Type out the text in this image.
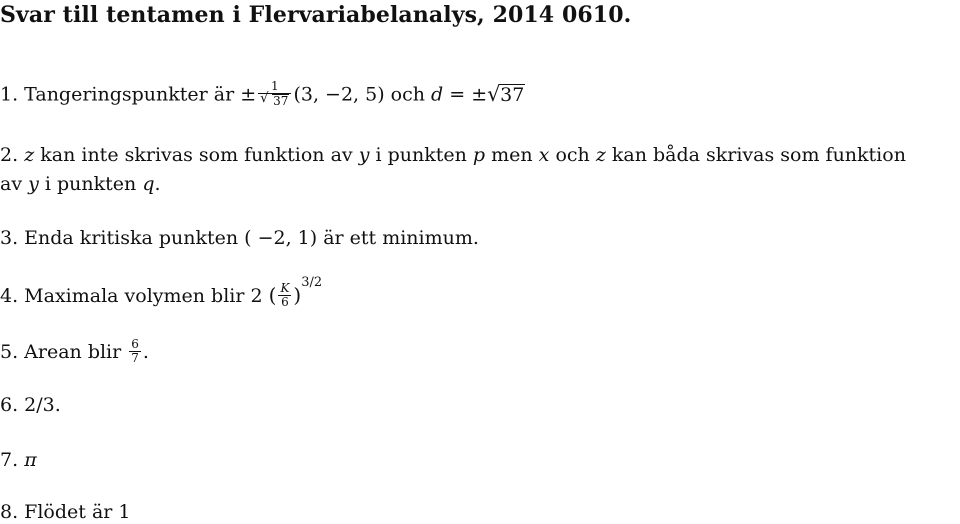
Svar till tentamen i Flervariabelanalys, 2014 0610.
1. Tangeringspunkter är ± $\frac{1}{√ 37} (3$, −2, 5) och d = ± √ 37
2. z kan inte skrivas som funktion av y i punkten p men x och z kan båda skrivas som funktion
av y i punkten q.
3. Enda kritiska punkten ( −2, 1) är ett minimum.
4. Maximala volymen blir 2 ( $\frac{K}{6} )^{3/2}$
5. Arean blir $\frac{6}{7}$ .
6. 2/3.
7. π
8. Flödet är 1
